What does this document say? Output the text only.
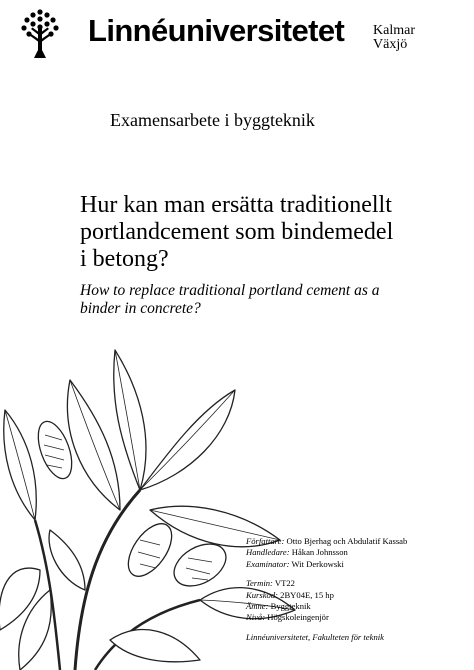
Linnéuniversitetet Kalmar
Växjö
Examensarbete i byggteknik
Hur kan man ersätta traditionellt
portlandcement som bindemedel
i betong?
How to replace traditional portland cement as a
binder in concrete?
Författare: Otto Bjerhag och Abdulatif Kassab
Handledare: Håkan Johnsson
Examinator: Wit Derkowski
Termin: VT22
Kurskod: 2BY04E, 15 hp
Ämne: Byggteknik
Nivå: Högskoleingenjör
Linnéuniversitetet, Fakulteten för teknik
